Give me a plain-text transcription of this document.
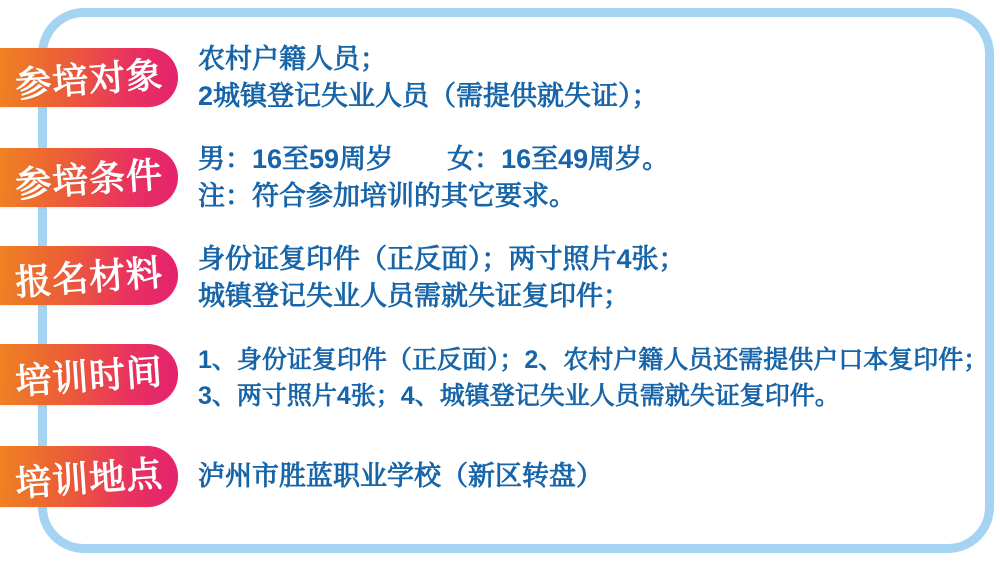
参培对象 农村户籍人员；
2城镇登记失业人员（需提供就失证）；
参培条件 男：16至59周岁　　女：16至49周岁。
注：符合参加培训的其它要求。
报名材料 身份证复印件（正反面）；两寸照片4张；
城镇登记失业人员需就失证复印件；
培训时间 1、身份证复印件（正反面）；2、农村户籍人员还需提供户口本复印件；
3、两寸照片4张；4、城镇登记失业人员需就失证复印件。
培训地点 泸州市胜蓝职业学校（新区转盘）
